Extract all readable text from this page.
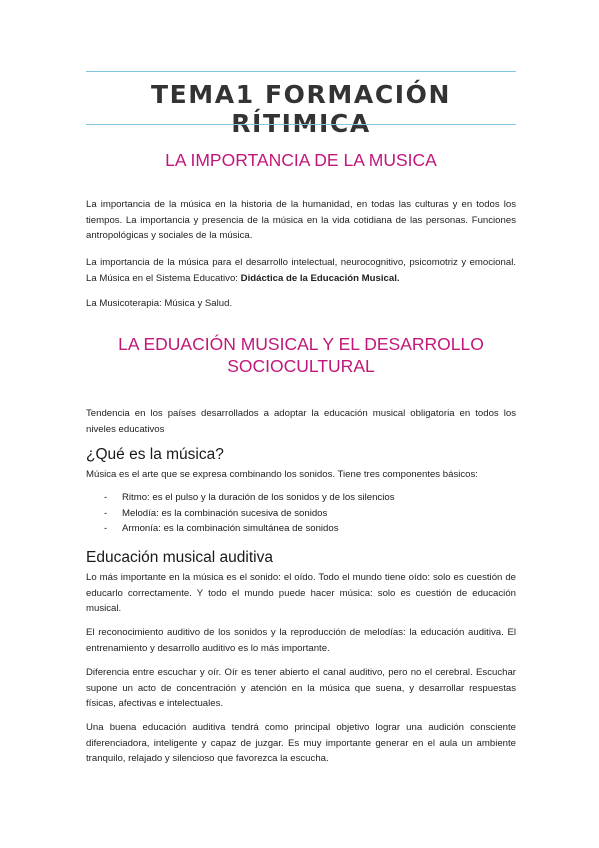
TEMA1 FORMACIÓN RÍTIMICA
LA IMPORTANCIA DE LA MUSICA
La importancia de la música en la historia de la humanidad, en todas las culturas y en todos los tiempos. La importancia y presencia de la música en la vida cotidiana de las personas. Funciones antropológicas y sociales de la música.
La importancia de la música para el desarrollo intelectual, neurocognitivo, psicomotriz y emocional. La Música en el Sistema Educativo: Didáctica de la Educación Musical.
La Musicoterapia: Música y Salud.
LA EDUACIÓN MUSICAL Y EL DESARROLLO
SOCIOCULTURAL
Tendencia en los países desarrollados a adoptar la educación musical obligatoria en todos los niveles educativos
¿Qué es la música?
Música es el arte que se expresa combinando los sonidos. Tiene tres componentes básicos:
- Ritmo: es el pulso y la duración de los sonidos y de los silencios
- Melodía: es la combinación sucesiva de sonidos
- Armonía: es la combinación simultánea de sonidos
Educación musical auditiva
Lo más importante en la música es el sonido: el oído. Todo el mundo tiene oído: solo es cuestión de educarlo correctamente. Y todo el mundo puede hacer música: solo es cuestión de educación musical.
El reconocimiento auditivo de los sonidos y la reproducción de melodías: la educación auditiva. El entrenamiento y desarrollo auditivo es lo más importante.
Diferencia entre escuchar y oír. Oír es tener abierto el canal auditivo, pero no el cerebral. Escuchar supone un acto de concentración y atención en la música que suena, y desarrollar respuestas físicas, afectivas e intelectuales.
Una buena educación auditiva tendrá como principal objetivo lograr una audición consciente diferenciadora, inteligente y capaz de juzgar. Es muy importante generar en el aula un ambiente tranquilo, relajado y silencioso que favorezca la escucha.
